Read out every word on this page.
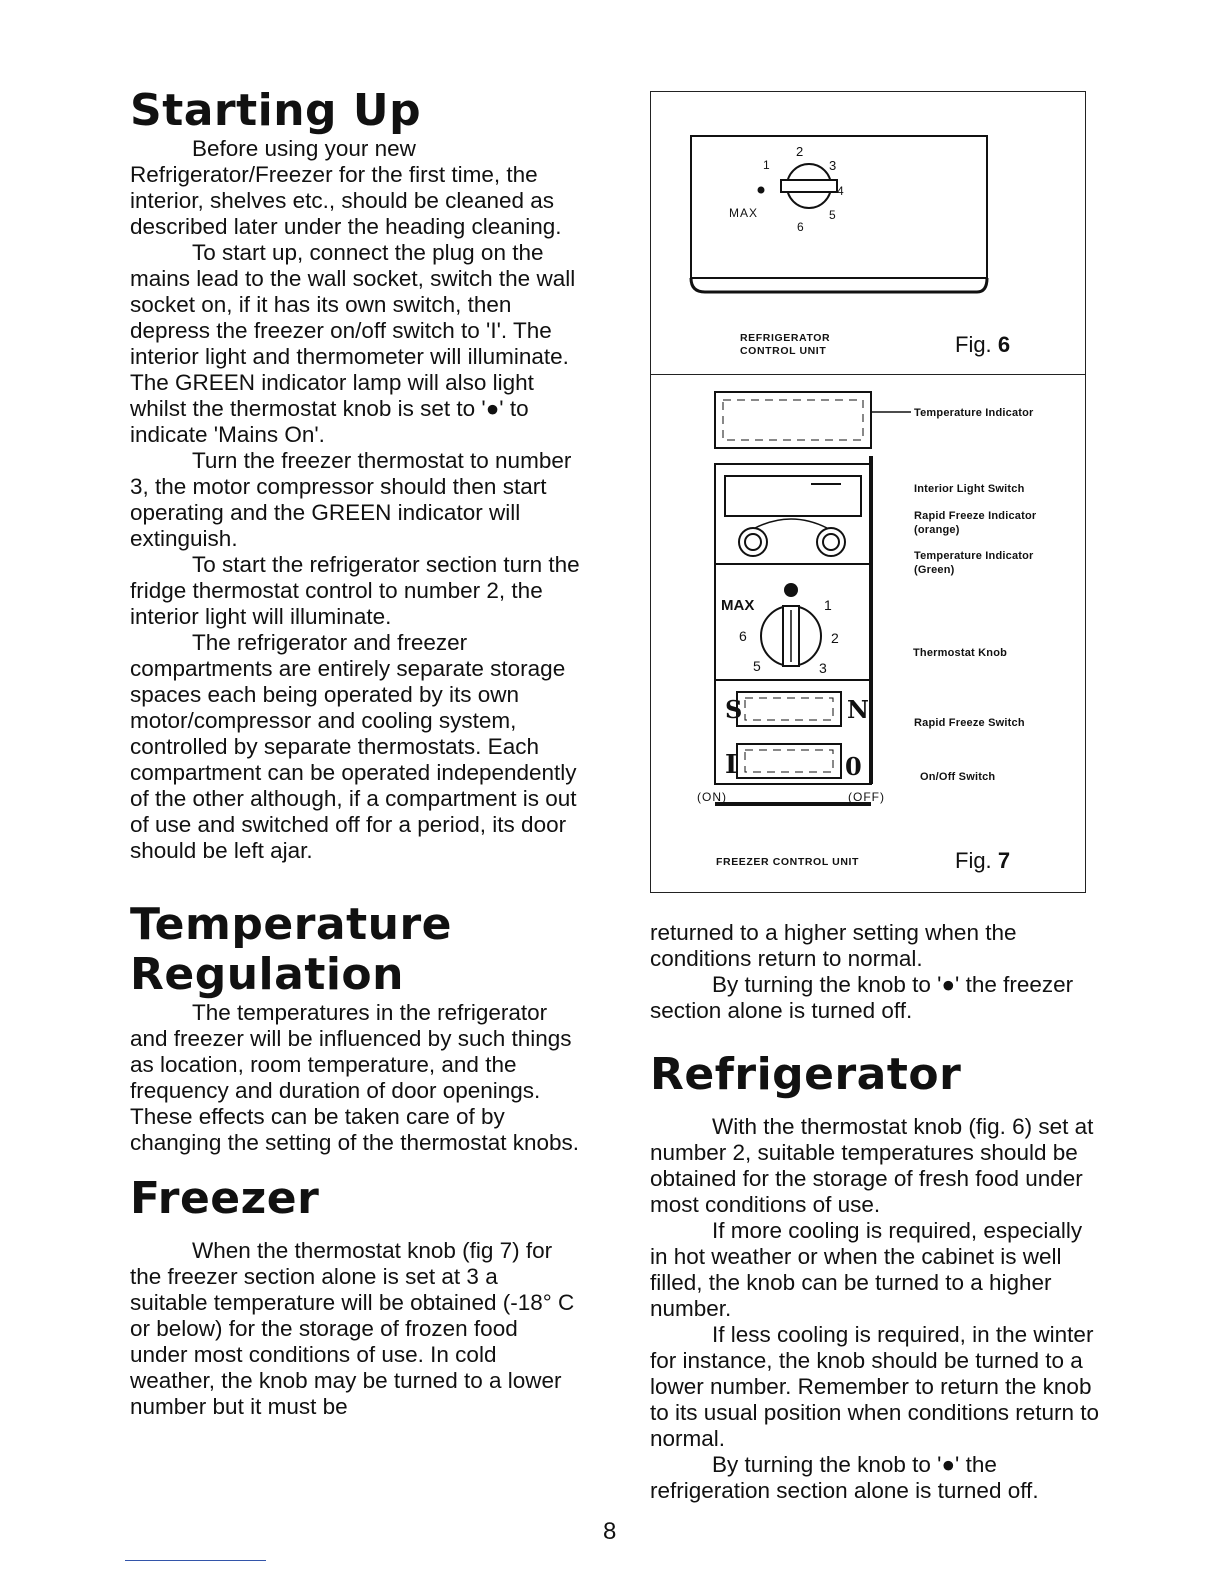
Starting Up

Before using your new Refrigerator/Freezer for the first time, the interior, shelves etc., should be cleaned as described later under the heading cleaning.

To start up, connect the plug on the mains lead to the wall socket, switch the wall socket on, if it has its own switch, then depress the freezer on/off switch to 'I'. The interior light and thermometer will illuminate. The GREEN indicator lamp will also light whilst the thermostat knob is set to '●' to indicate 'Mains On'.

Turn the freezer thermostat to number 3, the motor compressor should then start operating and the GREEN indicator will extinguish.

To start the refrigerator section turn the fridge thermostat control to number 2, the interior light will illuminate.

The refrigerator and freezer compartments are entirely separate storage spaces each being operated by its own motor/compressor and cooling system, controlled by separate thermostats. Each compartment can be operated independently of the other although, if a compartment is out of use and switched off for a period, its door should be left ajar.

Temperature
Regulation

The temperatures in the refrigerator and freezer will be influenced by such things as location, room temperature, and the frequency and duration of door openings. These effects can be taken care of by changing the setting of the thermostat knobs.

Freezer

When the thermostat knob (fig 7) for the freezer section alone is set at 3 a suitable temperature will be obtained (-18° C or below) for the storage of frozen food under most conditions of use. In cold weather, the knob may be turned to a lower number but it must be

2
1	3
4
5
6
MAX
REFRIGERATOR
CONTROL UNIT	Fig. 6
MAX	1
2
3
5
6
S	N
I	0
(ON)	(OFF)
Temperature Indicator
Interior Light Switch
Rapid Freeze Indicator
(orange)
Temperature Indicator
(Green)
Thermostat Knob
Rapid Freeze Switch
On/Off Switch
FREEZER CONTROL UNIT	Fig. 7

returned to a higher setting when the conditions return to normal.

By turning the knob to '●' the freezer section alone is turned off.

Refrigerator

With the thermostat knob (fig. 6) set at number 2, suitable temperatures should be obtained for the storage of fresh food under most conditions of use.

If more cooling is required, especially in hot weather or when the cabinet is well filled, the knob can be turned to a higher number.

If less cooling is required, in the winter for instance, the knob should be turned to a lower number. Remember to return the knob to its usual position when conditions return to normal.

By turning the knob to '●' the refrigeration section alone is turned off.

8
